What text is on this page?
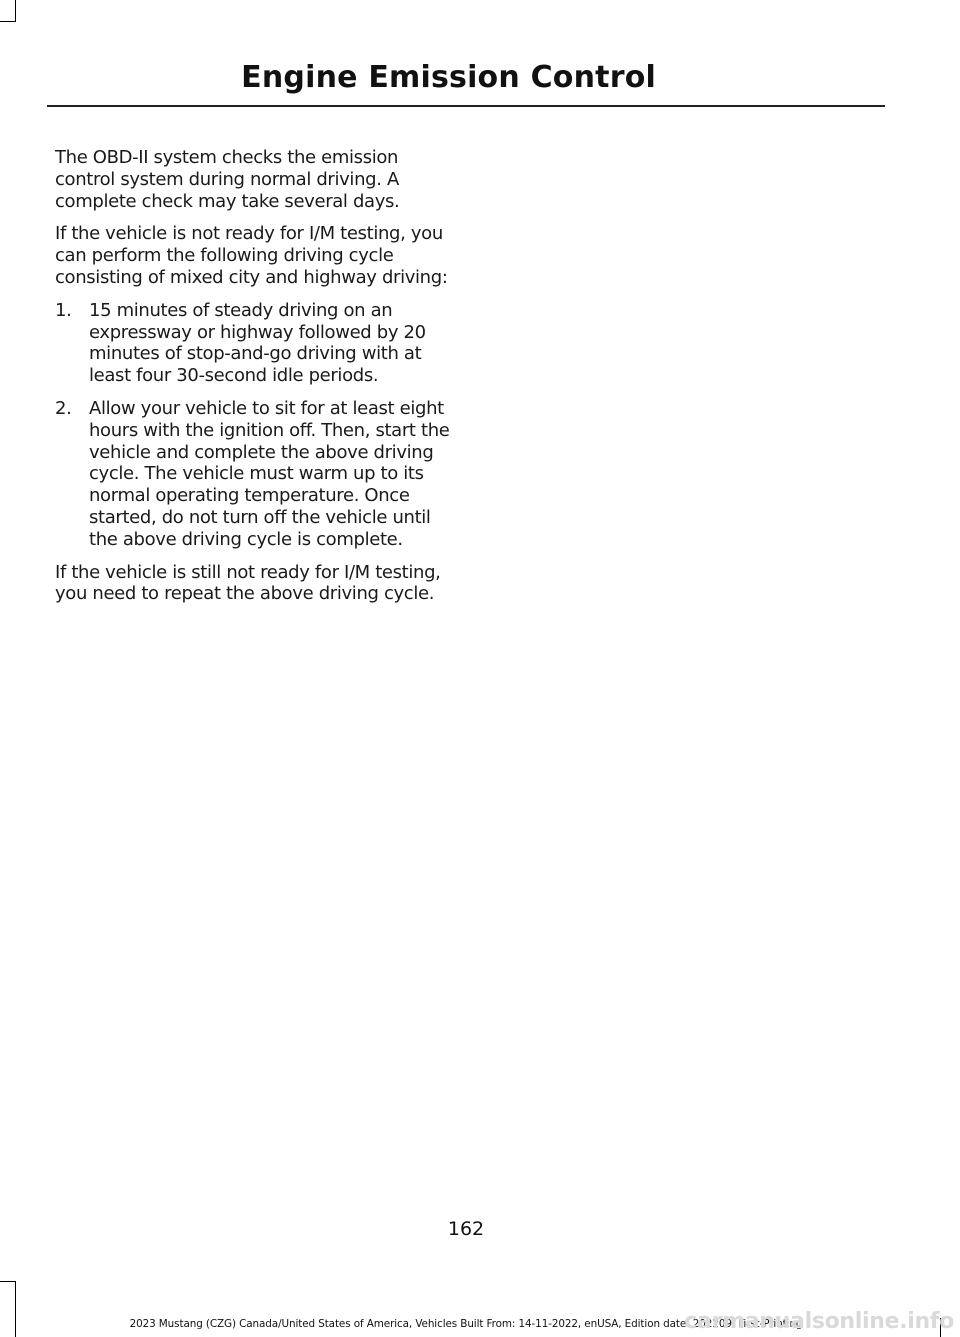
Engine Emission Control

The OBD-II system checks the emission control system during normal driving. A complete check may take several days.

If the vehicle is not ready for I/M testing, you can perform the following driving cycle consisting of mixed city and highway driving:

1. 15 minutes of steady driving on an expressway or highway followed by 20 minutes of stop-and-go driving with at least four 30-second idle periods.
2. Allow your vehicle to sit for at least eight hours with the ignition off. Then, start the vehicle and complete the above driving cycle. The vehicle must warm up to its normal operating temperature. Once started, do not turn off the vehicle until the above driving cycle is complete.

If the vehicle is still not ready for I/M testing, you need to repeat the above driving cycle.

162
2023 Mustang (CZG) Canada/United States of America, Vehicles Built From: 14-11-2022, enUSA, Edition date: 202209, First-Printing
carmanualsonline.info
